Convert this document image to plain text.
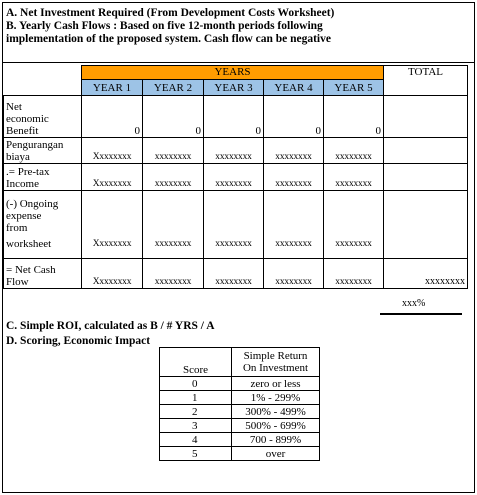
A. Net Investment Required (From Development Costs Worksheet)
B. Yearly Cash Flows : Based on five 12-month periods following
implementation of the proposed system. Cash flow can be negative
	YEARS					TOTAL
	YEAR 1	YEAR 2	YEAR 3	YEAR 4	YEAR 5	

Net
economic
Benefit	0	0	0	0	0	

Pengurangan
biaya	Xxxxxxxx	xxxxxxxx	xxxxxxxx	xxxxxxxx	xxxxxxxx	

.= Pre-tax
Income	Xxxxxxxx	xxxxxxxx	xxxxxxxx	xxxxxxxx	xxxxxxxx	

(-) Ongoing
expense
from
worksheet	Xxxxxxxx	xxxxxxxx	xxxxxxxx	xxxxxxxx	xxxxxxxx	

= Net Cash
Flow	Xxxxxxxx	xxxxxxxx	xxxxxxxx	xxxxxxxx	xxxxxxxx	xxxxxxxx
xxx%
C. Simple ROI, calculated as B / # YRS / A
D. Scoring, Economic Impact
Score	Simple Return
On Investment

0	zero or less
1	1% - 299%
2	300% - 499%
3	500% - 699%
4	700 - 899%
5	over
